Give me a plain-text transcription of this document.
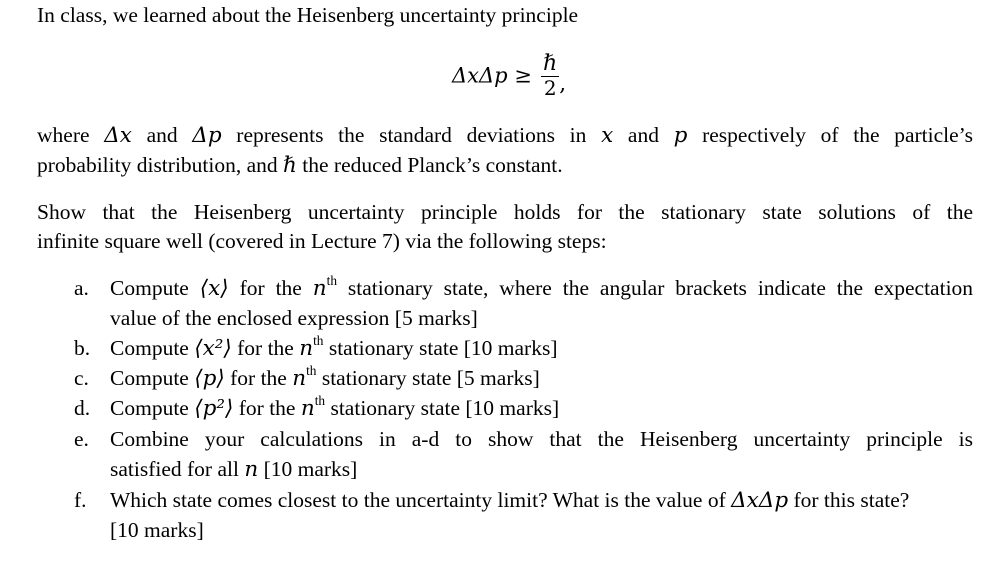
In class, we learned about the Heisenberg uncertainty principle
$\Delta x\Delta p \ge \frac{\text{ℏ}}{2}$ ,
where Δx and Δp represents the standard deviations in x and p respectively of the particle’s
probability distribution, and ℏ the reduced Planck’s constant.
Show that the Heisenberg uncertainty principle holds for the stationary state solutions of the
infinite square well (covered in Lecture 7) via the following steps:
a. Compute ⟨x⟩ for the $n^{th}$ stationary state, where the angular brackets indicate the expectation
value of the enclosed expression [5 marks]
b. Compute ⟨x²⟩ for the $n^{th}$ stationary state [10 marks]
c. Compute ⟨p⟩ for the $n^{th}$ stationary state [5 marks]
d. Compute ⟨p²⟩ for the $n^{th}$ stationary state [10 marks]
e. Combine your calculations in a-d to show that the Heisenberg uncertainty principle is
satisfied for all n [10 marks]
f. Which state comes closest to the uncertainty limit? What is the value of ΔxΔp for this state?
[10 marks]
